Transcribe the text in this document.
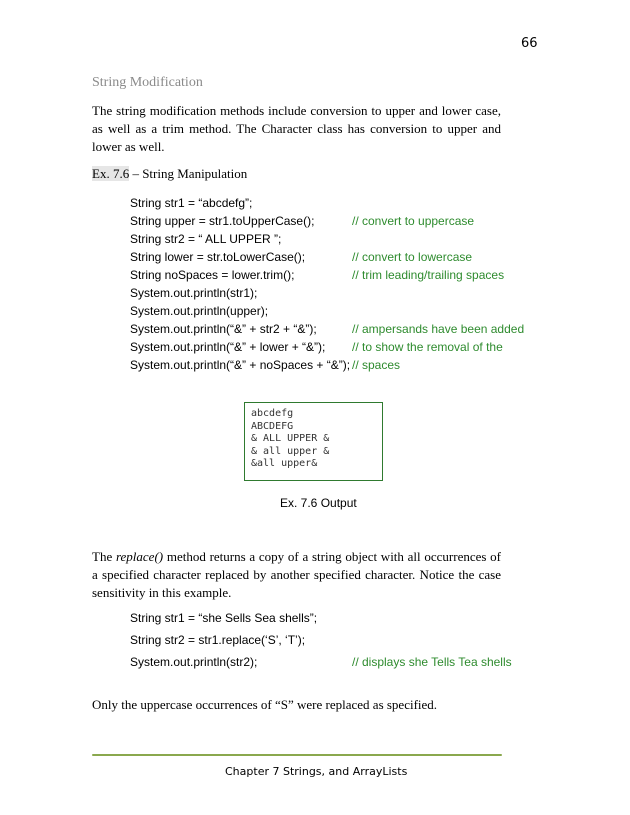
66
String Modification
The string modification methods include conversion to upper and lower case, as well as a trim method. The Character class has conversion to upper and lower as well.
Ex. 7.6 – String Manipulation
String str1 = “abcdefg”;
String upper = str1.toUpperCase();	// convert to uppercase
String str2 = “ ALL UPPER ”;
String lower = str.toLowerCase();	// convert to lowercase
String noSpaces = lower.trim();	// trim leading/trailing spaces
System.out.println(str1);
System.out.println(upper);
System.out.println(“&” + str2 + “&”);	// ampersands have been added
System.out.println(“&” + lower + “&”); // to show the removal of the
System.out.println(“&” + noSpaces + “&”); // spaces
abcdefg
ABCDEFG
& ALL UPPER &
& all upper &
&all upper&
Ex. 7.6 Output
The replace() method returns a copy of a string object with all occurrences of a specified character replaced by another specified character. Notice the case sensitivity in this example.
String str1 = “she Sells Sea shells”;
String str2 = str1.replace(‘S’, ‘T’);
System.out.println(str2);	// displays she Tells Tea shells
Only the uppercase occurrences of “S” were replaced as specified.
Chapter 7 Strings, and ArrayLists
